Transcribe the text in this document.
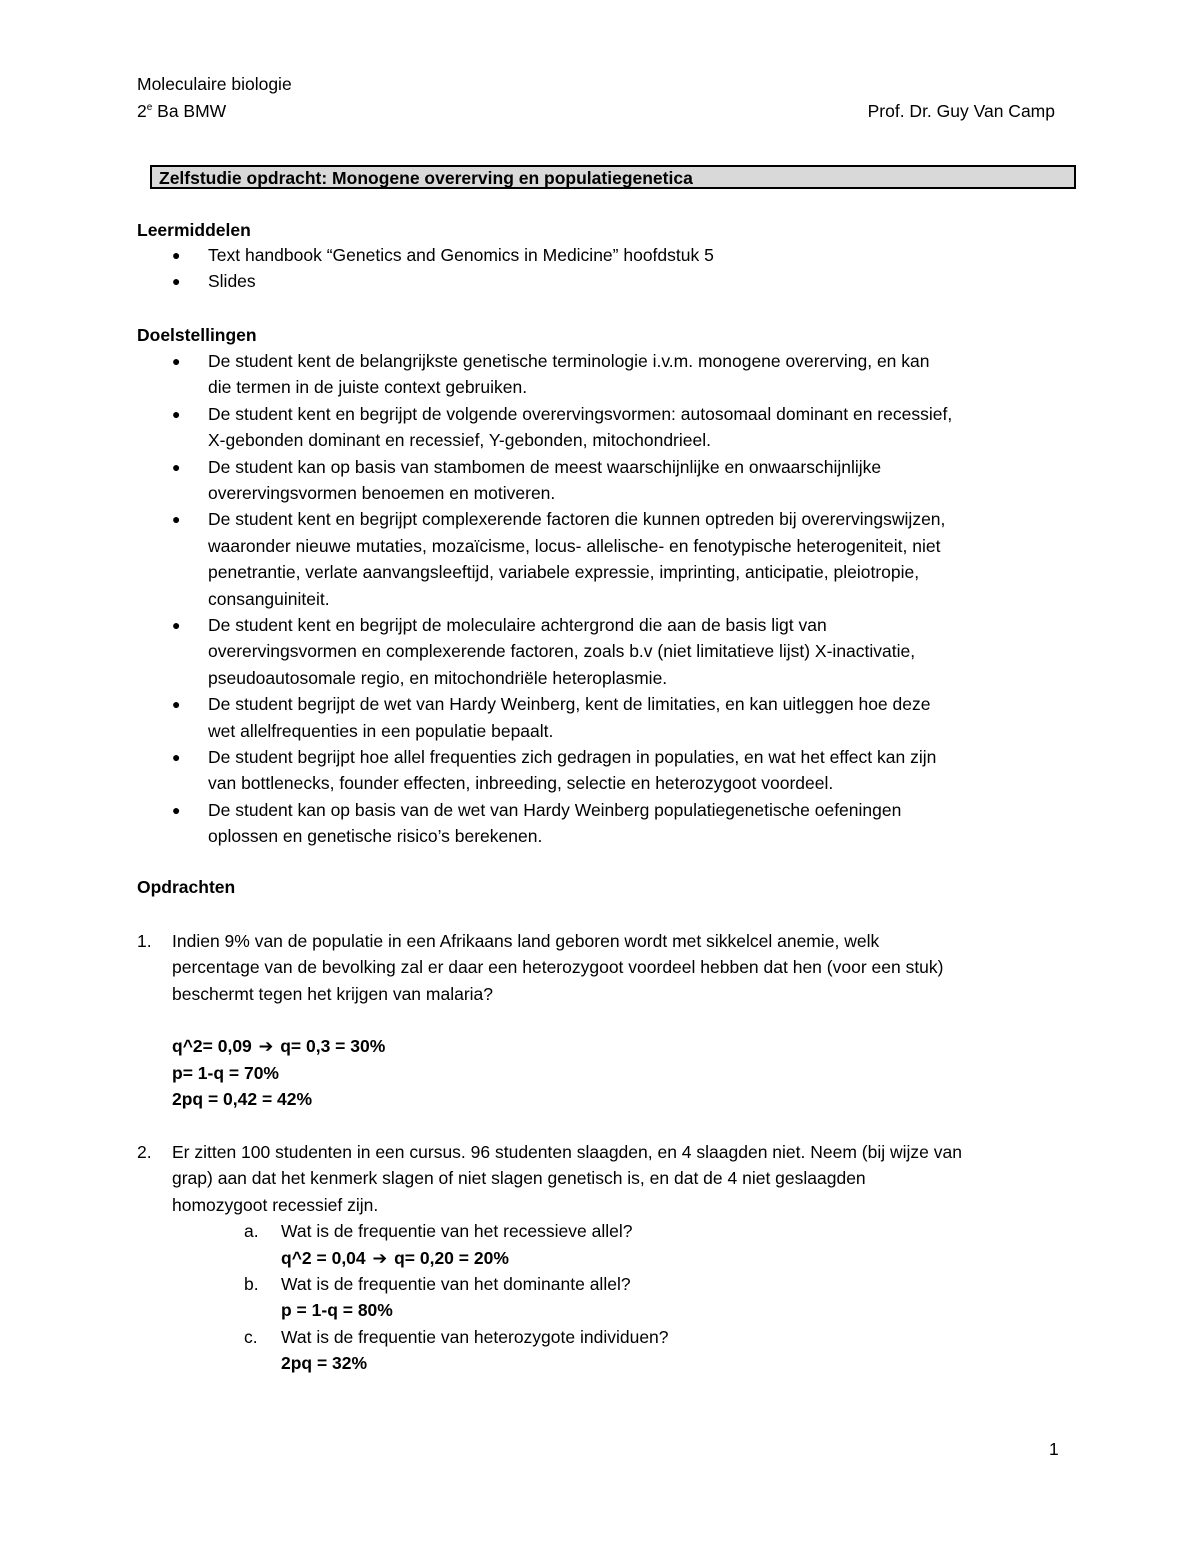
Moleculaire biologie
2e Ba BMW	Prof. Dr. Guy Van Camp
Zelfstudie opdracht: Monogene overerving en populatiegenetica
Leermiddelen
● Text handbook “Genetics and Genomics in Medicine” hoofdstuk 5
● Slides
Doelstellingen
● De student kent de belangrijkste genetische terminologie i.v.m. monogene overerving, en kan
die termen in de juiste context gebruiken.
● De student kent en begrijpt de volgende overervingsvormen: autosomaal dominant en recessief,
X-gebonden dominant en recessief, Y-gebonden, mitochondrieel.
● De student kan op basis van stambomen de meest waarschijnlijke en onwaarschijnlijke
overervingsvormen benoemen en motiveren.
● De student kent en begrijpt complexerende factoren die kunnen optreden bij overervingswijzen,
waaronder nieuwe mutaties, mozaïcisme, locus- allelische- en fenotypische heterogeniteit, niet
penetrantie, verlate aanvangsleeftijd, variabele expressie, imprinting, anticipatie, pleiotropie,
consanguiniteit.
● De student kent en begrijpt de moleculaire achtergrond die aan de basis ligt van
overervingsvormen en complexerende factoren, zoals b.v (niet limitatieve lijst) X-inactivatie,
pseudoautosomale regio, en mitochondriële heteroplasmie.
● De student begrijpt de wet van Hardy Weinberg, kent de limitaties, en kan uitleggen hoe deze
wet allelfrequenties in een populatie bepaalt.
● De student begrijpt hoe allel frequenties zich gedragen in populaties, en wat het effect kan zijn
van bottlenecks, founder effecten, inbreeding, selectie en heterozygoot voordeel.
● De student kan op basis van de wet van Hardy Weinberg populatiegenetische oefeningen
oplossen en genetische risico’s berekenen.
Opdrachten
1. Indien 9% van de populatie in een Afrikaans land geboren wordt met sikkelcel anemie, welk
percentage van de bevolking zal er daar een heterozygoot voordeel hebben dat hen (voor een stuk)
beschermt tegen het krijgen van malaria?
q^2= 0,09 ➔ q= 0,3 = 30%
p= 1-q = 70%
2pq = 0,42 = 42%
2. Er zitten 100 studenten in een cursus. 96 studenten slaagden, en 4 slaagden niet. Neem (bij wijze van
grap) aan dat het kenmerk slagen of niet slagen genetisch is, en dat de 4 niet geslaagden
homozygoot recessief zijn.
a. Wat is de frequentie van het recessieve allel?
q^2 = 0,04 ➔ q= 0,20 = 20%
b. Wat is de frequentie van het dominante allel?
p = 1-q = 80%
c. Wat is de frequentie van heterozygote individuen?
2pq = 32%
1
